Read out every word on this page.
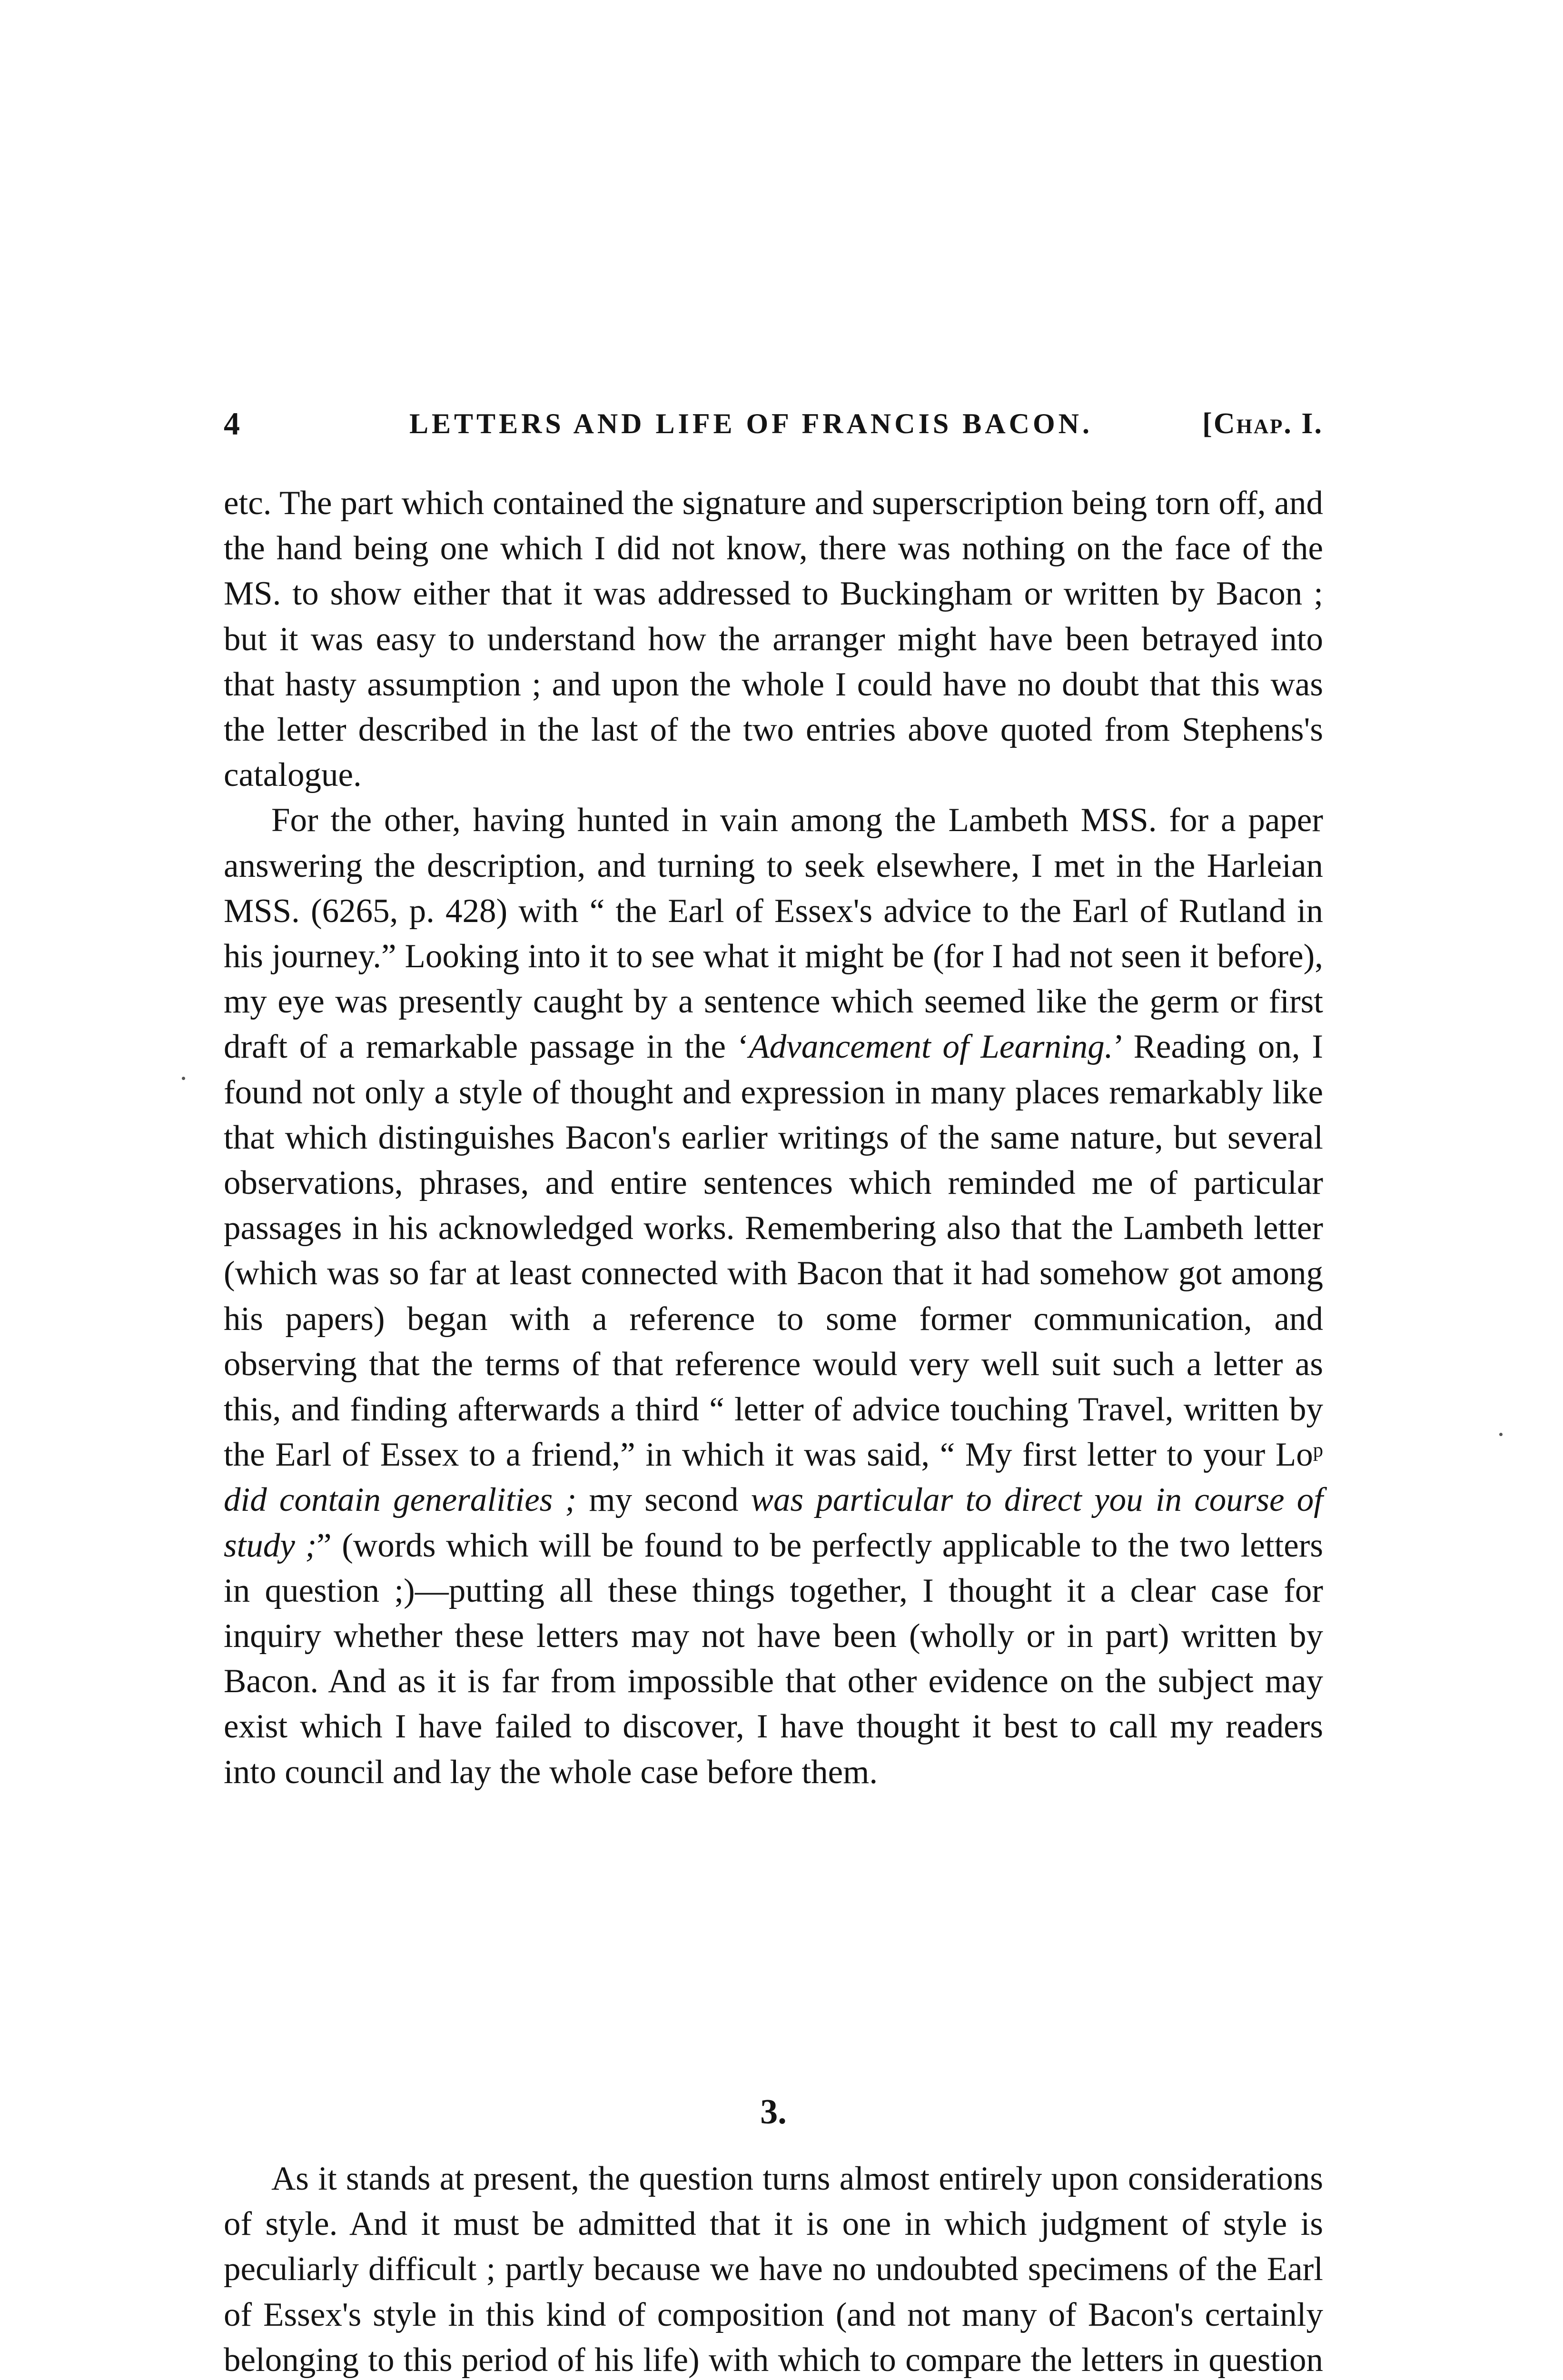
4	LETTERS AND LIFE OF FRANCIS BACON.	[Chap. I.

etc. The part which contained the signature and superscription being torn off, and the hand being one which I did not know, there was nothing on the face of the MS. to show either that it was addressed to Buckingham or written by Bacon ; but it was easy to understand how the arranger might have been betrayed into that hasty assumption ; and upon the whole I could have no doubt that this was the letter described in the last of the two entries above quoted from Stephens's catalogue.

For the other, having hunted in vain among the Lambeth MSS. for a paper answering the description, and turning to seek elsewhere, I met in the Harleian MSS. (6265, p. 428) with “ the Earl of Essex's advice to the Earl of Rutland in his journey.” Looking into it to see what it might be (for I had not seen it before), my eye was presently caught by a sentence which seemed like the germ or first draft of a remarkable passage in the ‘Advancement of Learning.’ Reading on, I found not only a style of thought and expression in many places remarkably like that which distinguishes Bacon's earlier writings of the same nature, but several observations, phrases, and entire sentences which reminded me of particular passages in his acknowledged works. Remembering also that the Lambeth letter (which was so far at least connected with Bacon that it had somehow got among his papers) began with a reference to some former communication, and observing that the terms of that reference would very well suit such a letter as this, and finding afterwards a third “ letter of advice touching Travel, written by the Earl of Essex to a friend,” in which it was said, “ My first letter to your Lo$^p$ did contain generalities ; my second was particular to direct you in course of study ;” (words which will be found to be perfectly applicable to the two letters in question ;)—putting all these things together, I thought it a clear case for inquiry whether these letters may not have been (wholly or in part) written by Bacon. And as it is far from impossible that other evidence on the subject may exist which I have failed to discover, I have thought it best to call my readers into council and lay the whole case before them.

3.

As it stands at present, the question turns almost entirely upon considerations of style. And it must be admitted that it is one in which judgment of style is peculiarly difficult ; partly because we have no undoubted specimens of the Earl of Essex's style in this kind of composition (and not many of Bacon's certainly belonging to this period of his life) with which to compare the letters in question
